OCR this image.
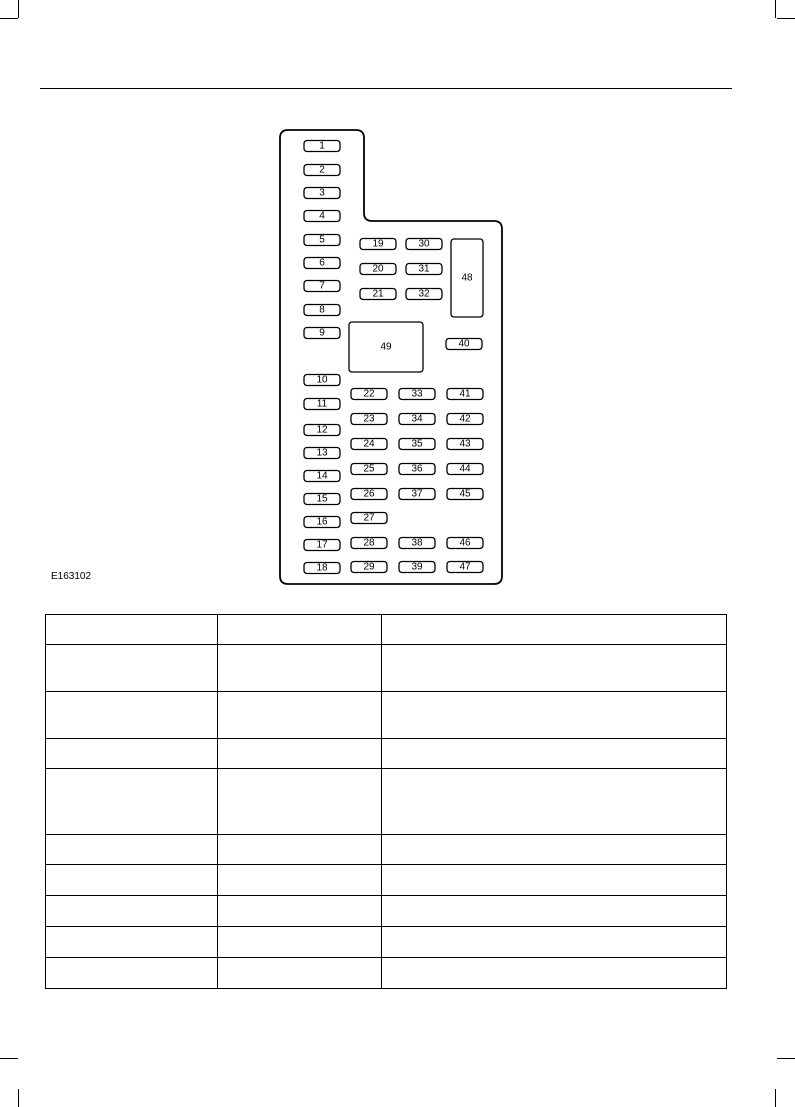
1
2
3
4
5
6
7
8
9
10
11
12
13
14
15
16
17
18
19
20
21
22
23
24
25
26
27
28
29
30
31
32
33
34
35
36
37
38
39
40
41
42
43
44
45
46
47
48
49
E163102
